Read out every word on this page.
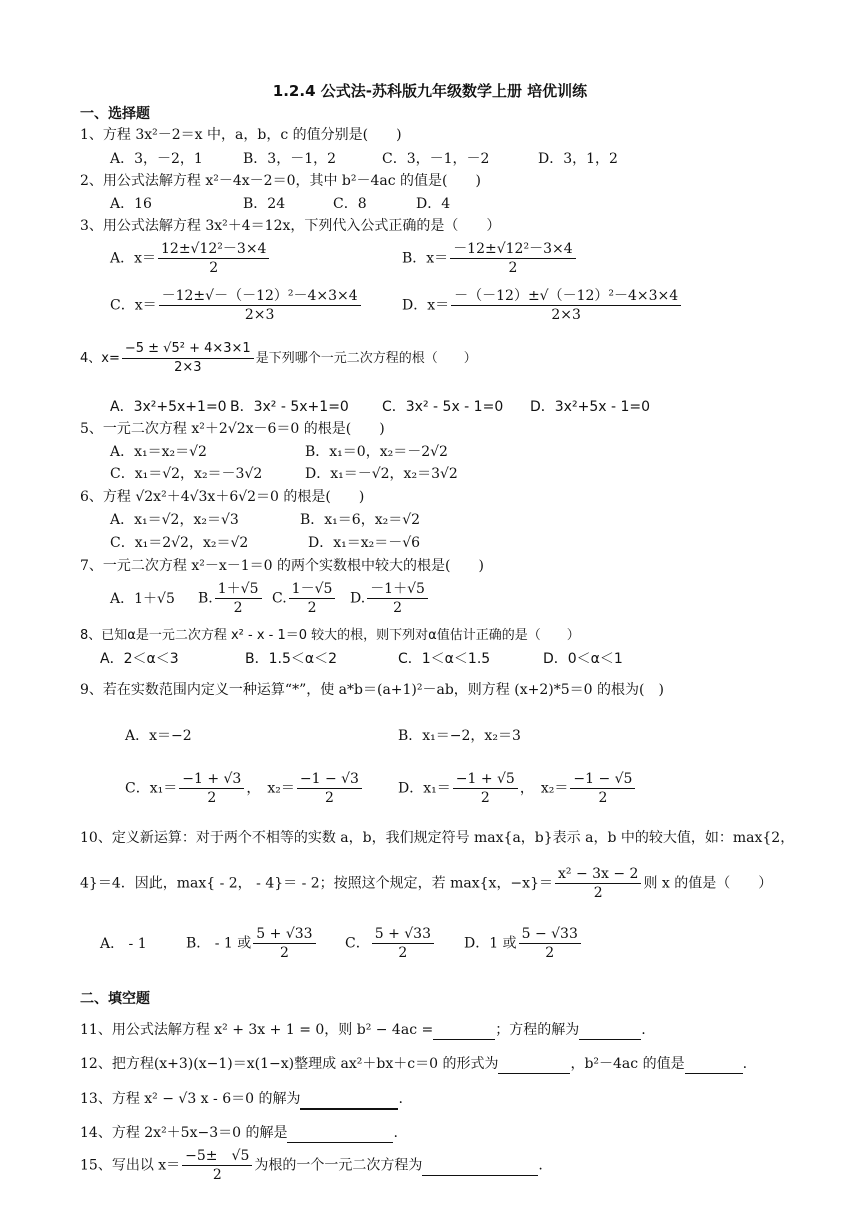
1.2.4 公式法-苏科版九年级数学上册 培优训练
一、选择题
1、方程 3x²－2＝x 中，a，b，c 的值分别是(　　)
A．3，－2，1	B．3，－1，2	C．3，－1，－2	D．3，1，2
2、用公式法解方程 x²－4x－2＝0，其中 b²－4ac 的值是(　　)
A．16	B．24	C．8	D．4
3、用公式法解方程 3x²＋4＝12x，下列代入公式正确的是（　　）
A．$x= \frac{\text{12±√12²－3×4}}{2}$	B．$x= \frac{\text{－12±√12²－3×4}}{2}$
C．$x= \frac{\text{－12±√－（－12）²－4×3×4}}{2\times 3}$	D．$x= \frac{\text{－（－12）±√（－12）²－4×3×4}}{2\times 3}$
4、$x= \frac{\text{−5 ± √5² + 4×3×1}}{2\times 3}$ 是下列哪个一元二次方程的根（　　）
A．3x²+5x+1=0 B．3x² ‐ 5x+1=0 C．3x² ‐ 5x ‐ 1=0 D．3x²+5x ‐ 1=0
5、一元二次方程 x²＋2√2x－6＝0 的根是(　　)
A．x₁＝x₂＝√2	B．x₁＝0，x₂＝－2√2
C．x₁＝√2，x₂＝－3√2	D．x₁＝－√2，x₂＝3√2
6、方程 √2x²＋4√3x＋6√2＝0 的根是(　　)
A．x₁＝√2，x₂＝√3	B．x₁＝6，x₂＝√2
C．x₁＝2√2，x₂＝√2	D．x₁＝x₂＝－√6
7、一元二次方程 x²－x－1＝0 的两个实数根中较大的根是(　　)
A．1＋√5 B. $\frac{1+√5}{2} C$. $\frac{1-√5}{2} D$. $\frac{-1+√5}{2}$
8、已知α是一元二次方程 x² ‐ x ‐ 1＝0 较大的根，则下列对α值估计正确的是（　　）
A．2＜α＜3	B．1.5＜α＜2	C．1＜α＜1.5	D．0＜α＜1
9、若在实数范围内定义一种运算“*”，使 a*b＝(a+1)²－ab，则方程 (x+2)*5＝0 的根为(　)
A．x＝−2	B．x₁＝−2，x₂＝3
C．$x_1= \frac{-1 + √3}{2}$ ，　$x_2= \frac{-1 - √3}{2}$	D．$x_1= \frac{-1 + √5}{2}$ ，　$x_2= \frac{-1 - √5}{2}$
10、定义新运算：对于两个不相等的实数 a，b，我们规定符号 max{a，b}表示 a，b 中的较大值，如：max{2，
4}＝4．因此，max{ ‐ 2， ‐ 4}＝ ‐ 2；按照这个规定，若 max{x，$-x\}= \frac{\text{x² − 3x − 2}}{2}$ 则 x 的值是（　　）
A． ‐ 1	B． ‐ 1 或 $\frac{5 + √33}{2}$ C． $\frac{5 + √33}{2}$ D．1 或 $\frac{5 - √33}{2}$
二、填空题
11、用公式法解方程 x² + 3x + 1 = 0，则 b² − 4ac =	；方程的解为	.
12、把方程(x+3)(x−1)＝x(1−x)整理成 ax²＋bx＋c＝0 的形式为	，b²－4ac 的值是	.
13、方程 x² − √3 x ‐ 6＝0 的解为	.
14、方程 2x²＋5x−3＝0 的解是	.
15、写出以 $x= \frac{-5\pm √5}{2}$ 为根的一个一元二次方程为	.
